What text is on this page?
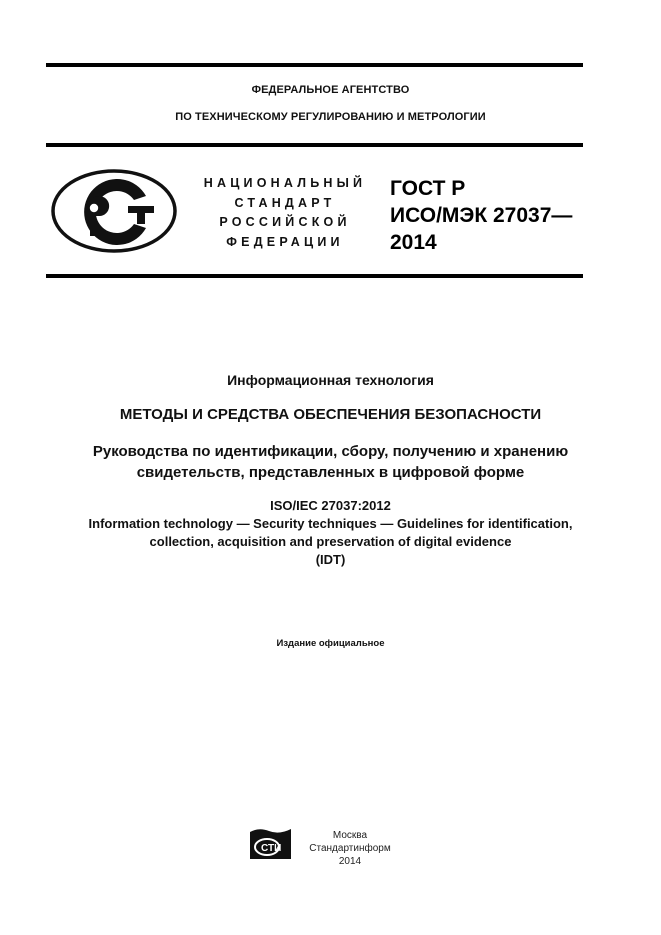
ФЕДЕРАЛЬНОЕ АГЕНТСТВО
ПО ТЕХНИЧЕСКОМУ РЕГУЛИРОВАНИЮ И МЕТРОЛОГИИ
НАЦИОНАЛЬНЫЙ
СТАНДАРТ
РОССИЙСКОЙ
ФЕДЕРАЦИИ
ГОСТ Р
ИСО/МЭК 27037—
2014
Информационная технология
МЕТОДЫ И СРЕДСТВА ОБЕСПЕЧЕНИЯ БЕЗОПАСНОСТИ
Руководства по идентификации, сбору, получению и хранению
свидетельств, представленных в цифровой форме
ISO/IEC 27037:2012
Information technology — Security techniques — Guidelines for identification,
collection, acquisition and preservation of digital evidence
(IDT)
Издание официальное
СТИ
Москва
Стандартинформ
2014
